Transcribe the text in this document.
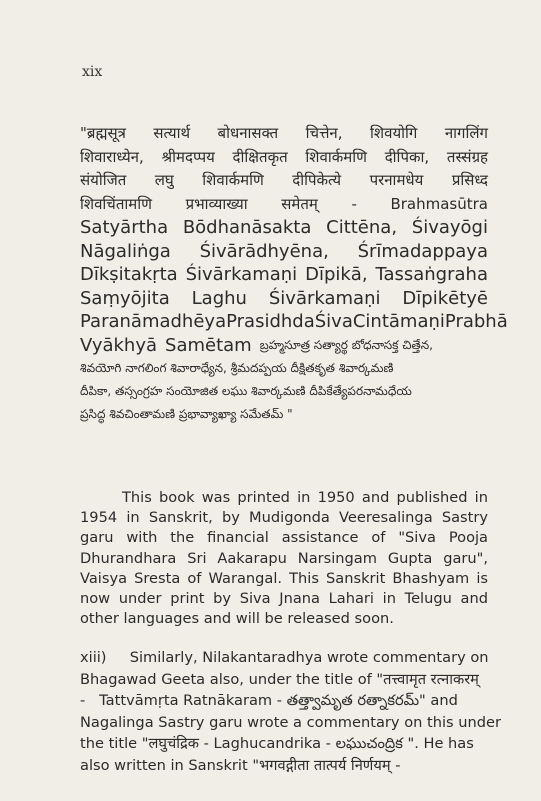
xix
"ब्रह्मसूत्र सत्यार्थ बोधनासक्त चित्तेन, शिवयोगि नागलिंग
शिवाराध्येन, श्रीमदप्पय दीक्षितकृत शिवार्कमणि दीपिका, तस्संग्रह
संयोजित लघु शिवार्कमणि दीपिकेत्ये परनामधेय प्रसिध्द
शिवचिंतामणि प्रभाव्याख्या समेतम् - Brahmasūtra
Satyārtha Bōdhanāsakta Cittēna, Śivayōgi
Nāgaliṅga Śivārādhyēna, Śrīmadappaya
Dīkṣitakṛta Śivārkamaṇi Dīpikā, Tassaṅgraha
Saṃyōjita Laghu Śivārkamaṇi Dīpikētyē
Paranāmadhēya Prasidhda Śiva Cintāmaṇi Prabhā
Vyākhyā Samētam బ్రహ్మసూత్ర సత్యార్థ బోధనాసక్త చిత్తేన,
శివయోగి నాగలింగ శివారాధ్యేన, శ్రీమదప్పయ దీక్షితకృత శివార్కమణి
దీపికా, తస్సంగ్రహ సంయోజిత లఘు శివార్కమణి దీపికేత్యేపరనామధేయ
ప్రసిద్ధ శివచింతామణి ప్రభావ్యాఖ్యా సమేతమ్ "
This book was printed in 1950 and published in 1954 in Sanskrit, by Mudigonda Veeresalinga Sastry garu with the financial assistance of "Siva Pooja Dhurandhara Sri Aakarapu Narsingam Gupta garu", Vaisya Sresta of Warangal. This Sanskrit Bhashyam is now under print by Siva Jnana Lahari in Telugu and other languages and will be released soon.
xiii)     Similarly, Nilakantaradhya wrote commentary on
Bhagawad Geeta also, under the title of "तत्त्वामृत रत्नाकरम्
-   Tattvāmṛta Ratnākaram - తత్త్వామృత రత్నాకరమ్" and
Nagalinga Sastry garu wrote a commentary on this under
the title "लघुचंद्रिक - Laghucandrika - లఘుచంద్రిక ". He has
also written in Sanskrit "भगवद्गीता तात्पर्य निर्णयम् -
